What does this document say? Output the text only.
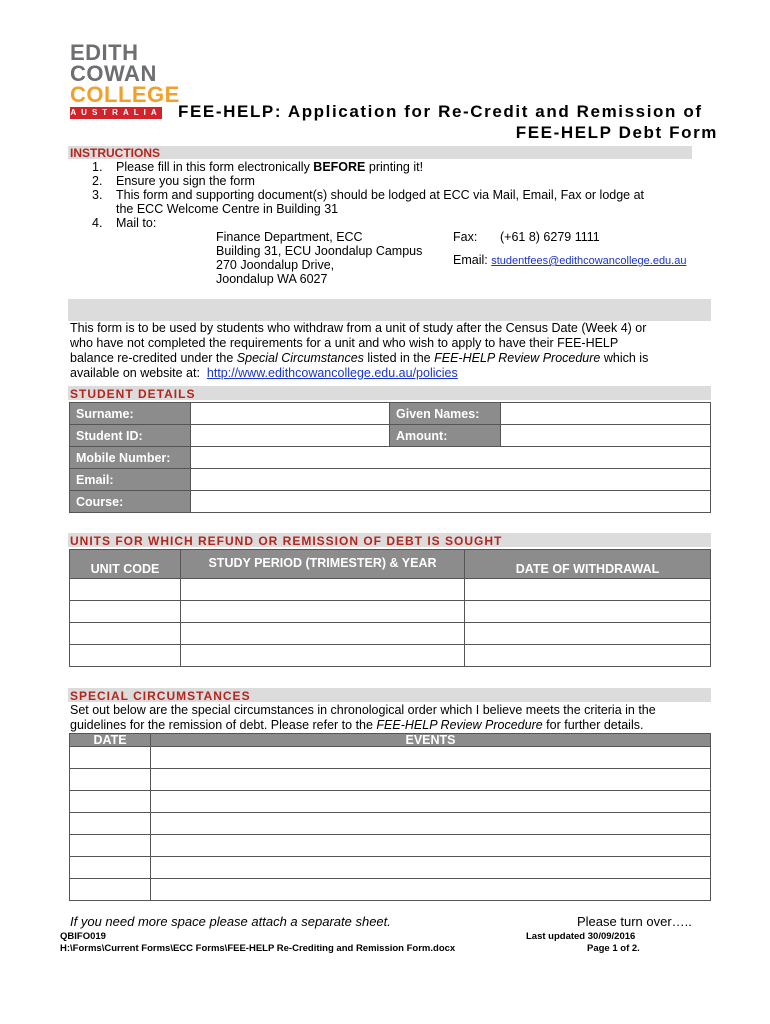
EDITH
COWAN
COLLEGE
AUSTRALIA FEE-HELP: Application for Re-Credit and Remission of
FEE-HELP Debt Form
INSTRUCTIONS
1. Please fill in this form electronically BEFORE printing it!
2. Ensure you sign the form
3. This form and supporting document(s) should be lodged at ECC via Mail, Email, Fax or lodge at
the ECC Welcome Centre in Building 31
4. Mail to:
Finance Department, ECC
Building 31, ECU Joondalup Campus
270 Joondalup Drive,
Joondalup WA 6027
Fax: (+61 8) 6279 1111
Email: studentfees@edithcowancollege.edu.au
This form is to be used by students who withdraw from a unit of study after the Census Date (Week 4) or
who have not completed the requirements for a unit and who wish to apply to have their FEE-HELP
balance re-credited under the Special Circumstances listed in the FEE-HELP Review Procedure which is
available on website at:  http://www.edithcowancollege.edu.au/policies
STUDENT DETAILS
Surname:		Given Names:	
Student ID:		Amount:	
Mobile Number:			
Email:			
Course:			
UNITS FOR WHICH REFUND OR REMISSION OF DEBT IS SOUGHT
UNIT CODE	STUDY PERIOD (TRIMESTER) & YEAR	DATE OF WITHDRAWAL

SPECIAL CIRCUMSTANCES
Set out below are the special circumstances in chronological order which I believe meets the criteria in the
guidelines for the remission of debt. Please refer to the FEE-HELP Review Procedure for further details.
DATE	EVENTS

If you need more space please attach a separate sheet.	Please turn over…..
QBIFO019
H:\Forms\Current Forms\ECC Forms\FEE-HELP Re-Crediting and Remission Form.docx
Last updated 30/09/2016
Page 1 of 2.
